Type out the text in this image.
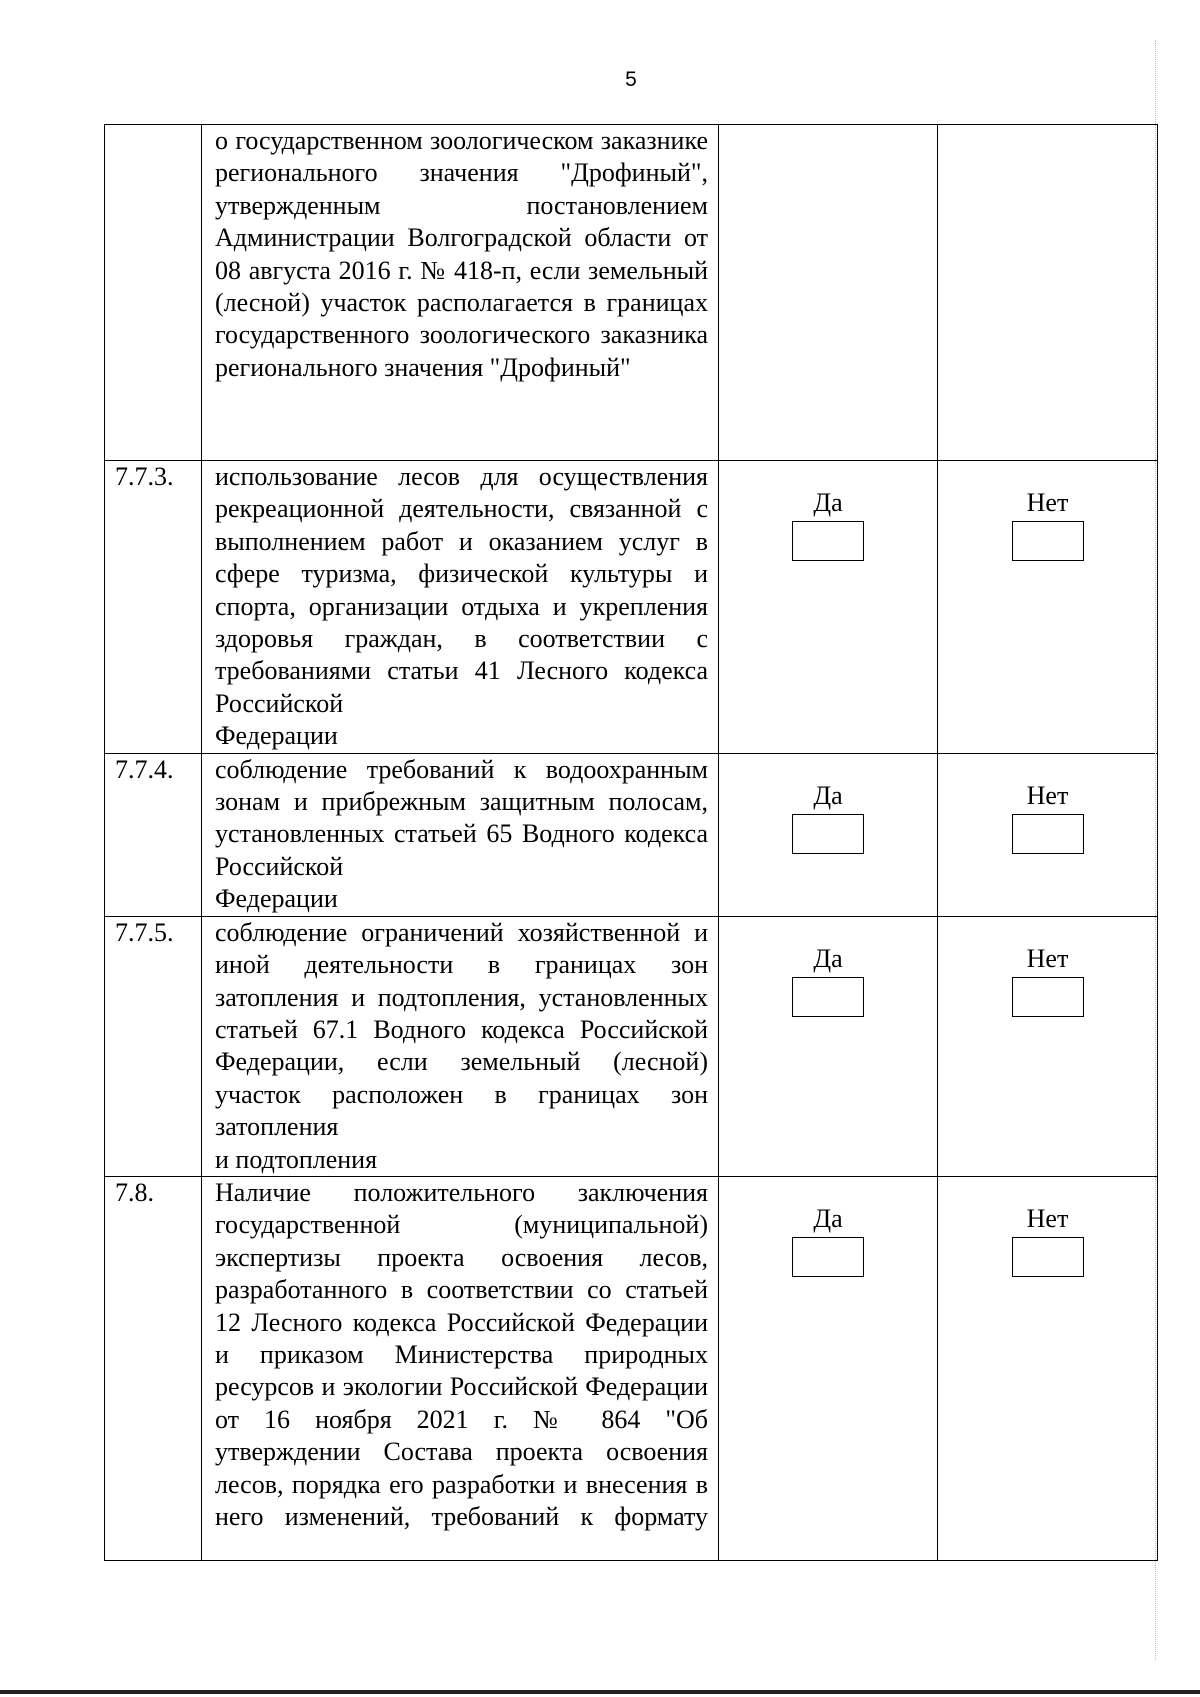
5

	о государственном зоологическом заказнике регионального значения "Дрофиный", утвержденным постановлением Администрации Волгоградской области от 08 августа 2016 г. № 418-п, если земельный (лесной) участок располагается в границах государственного зоологического заказника
регионального значения "Дрофиный"		
7.7.3.	использование лесов для осуществления рекреационной деятельности, связанной с выполнением работ и оказанием услуг в сфере туризма, физической культуры и спорта, организации отдыха и укрепления здоровья граждан, в соответствии с требованиями статьи 41 Лесного кодекса Российской
Федерации	Да	Нет

7.7.4.	соблюдение требований к водоохранным зонам и прибрежным защитным полосам, установленных статьей 65 Водного кодекса Российской
Федерации	Да	Нет

7.7.5.	соблюдение ограничений хозяйственной и иной деятельности в границах зон затопления и подтопления, установленных статьей 67.1 Водного кодекса Российской Федерации, если земельный (лесной) участок расположен в границах зон затопления
и подтопления	Да	Нет

7.8.	Наличие положительного заключения государственной (муниципальной) экспертизы проекта освоения лесов, разработанного в соответствии со статьей 12 Лесного кодекса Российской Федерации и приказом Министерства природных ресурсов и экологии Российской Федерации от 16 ноября 2021 г. № 864 "Об утверждении Состава проекта освоения лесов, порядка его разработки и внесения в него изменений, требований к формату	Да	Нет
